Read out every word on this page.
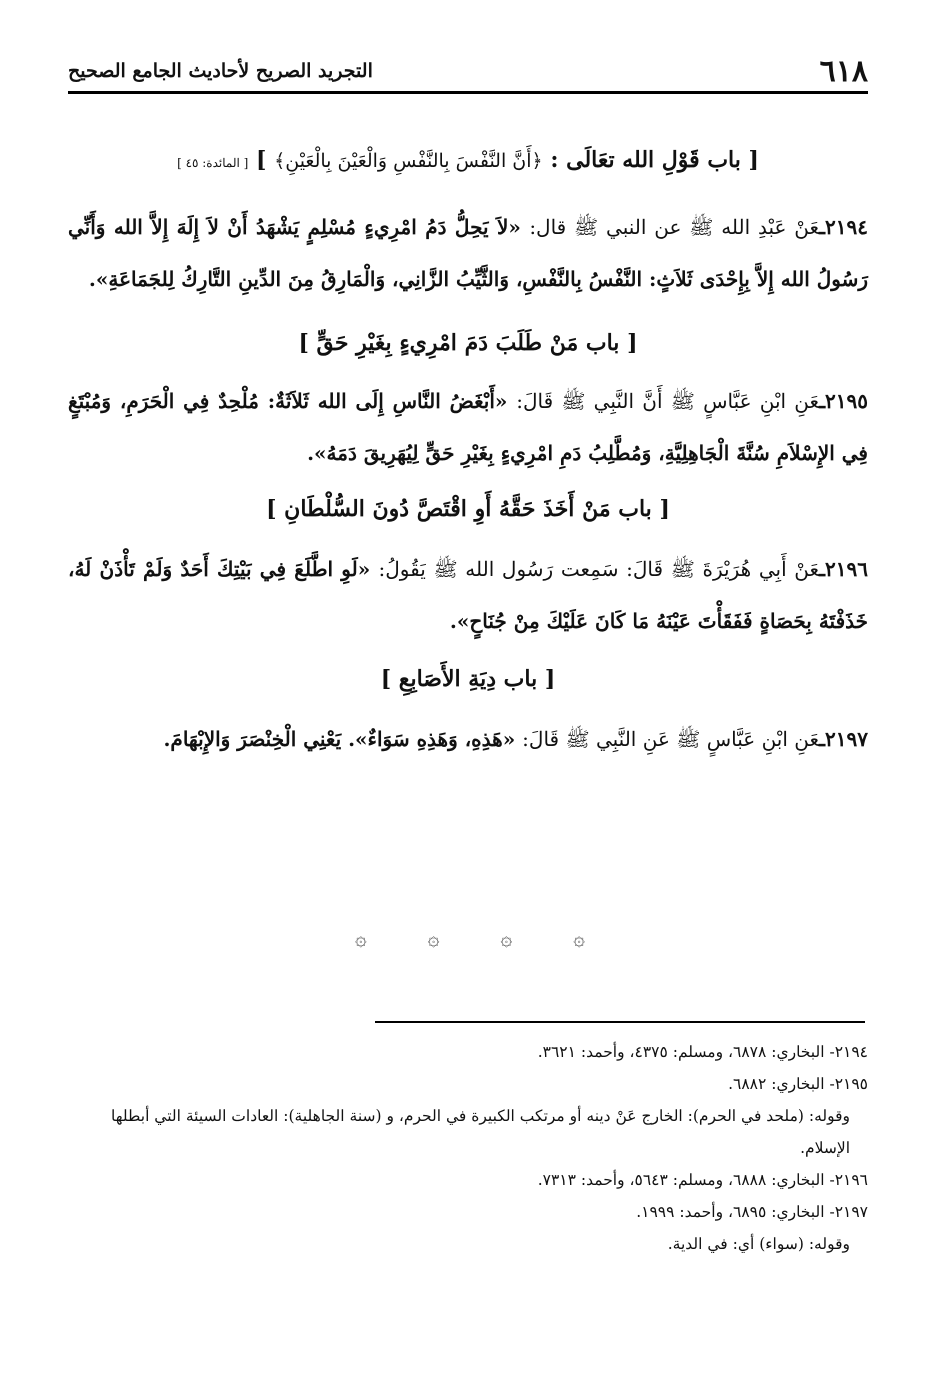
٦١٨
التجريد الصريح لأحاديث الجامع الصحيح

[ باب قَوْلِ الله تعَالَى : ﴿أَنَّ النَّفْسَ بِالنَّفْسِ وَالْعَيْنَ بِالْعَيْنِ﴾ ] [ المائدة: ٤٥ ]

٢١٩٤ـعَنْ عَبْدِ الله ﷺ عن النبي ﷺ قال: «لاَ يَحِلُّ دَمُ امْرِيءٍ مُسْلِمٍ يَشْهَدُ أَنْ لاَ إِلَهَ إِلاَّ الله وَأَنِّي رَسُولُ الله إِلاَّ بِإِحْدَى ثَلاَثٍ: النَّفْسُ بِالنَّفْسِ، وَالثَّيِّبُ الزَّانِي، وَالْمَارِقُ مِنَ الدِّينِ التَّارِكُ لِلجَمَاعَةِ».

[ باب مَنْ طَلَبَ دَمَ امْرِيءٍ بِغَيْرِ حَقٍّ ]

٢١٩٥ـعَنِ ابْنِ عَبَّاسٍ ﷺ أَنَّ النَّبِي ﷺ قَالَ: «أَبْغَضُ النَّاسِ إِلَى الله ثَلاَثَةٌ: مُلْحِدٌ فِي الْحَرَمِ، وَمُبْتَغٍ فِي الإِسْلاَمِ سُنَّةَ الْجَاهِلِيَّةِ، وَمُطَّلِبُ دَمِ امْرِيءٍ بِغَيْرِ حَقٍّ لِيُهَرِيقَ دَمَهُ».

[ باب مَنْ أَخَذَ حَقَّهُ أَوِ اقْتَصَّ دُونَ السُّلْطَانِ ]

٢١٩٦ـعَنْ أَبِي هُرَيْرَةَ ﷺ قَالَ: سَمِعت رَسُول الله ﷺ يَقُولُ: «لَوِ اطَّلَعَ فِي بَيْتِكَ أَحَدٌ وَلَمْ تَأْذَنْ لَهُ، خَذَفْتَهُ بِحَصَاةٍ فَفَقَأْتَ عَيْنَهُ مَا كَانَ عَلَيْكَ مِنْ جُنَاحٍ».

[ باب دِيَةِ الأَصَابِعِ ]

٢١٩٧ـعَنِ ابْنِ عَبَّاسٍ ﷺ عَنِ النَّبِي ﷺ قَالَ: «هَذِهِ، وَهَذِهِ سَوَاءٌ». يَعْنِي الْخِنْصَرَ وَالإِبْهَامَ.

۞	۞	۞	۞

٢١٩٤- البخاري: ٦٨٧٨، ومسلم: ٤٣٧٥، وأحمد: ٣٦٢١.

٢١٩٥- البخاري: ٦٨٨٢.

وقوله: (ملحد في الحرم): الخارج عَنْ دينه أو مرتكب الكبيرة في الحرم، و (سنة الجاهلية): العادات السيئة التي أبطلها الإسلام.

٢١٩٦- البخاري: ٦٨٨٨، ومسلم: ٥٦٤٣، وأحمد: ٧٣١٣.

٢١٩٧- البخاري: ٦٨٩٥، وأحمد: ١٩٩٩.

وقوله: (سواء) أي: في الدية.
